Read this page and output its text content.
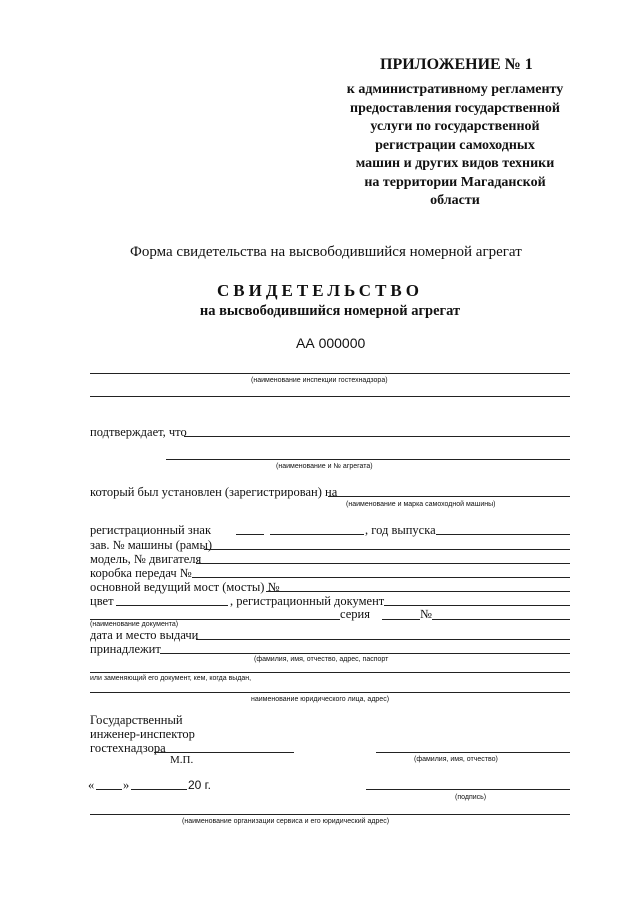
ПРИЛОЖЕНИЕ № 1
к административному регламенту
предоставления государственной
услуги по государственной
регистрации самоходных
машин и других видов техники
на территории Магаданской
области
Форма свидетельства на высвободившийся номерной агрегат
СВИДЕТЕЛЬСТВО
на высвободившийся номерной агрегат
АА 000000
(наименование инспекции гостехнадзора)
подтверждает, что
(наименование и № агрегата)
который был установлен (зарегистрирован) на
(наименование и марка самоходной машины)
регистрационный знак	, год выпуска
зав. № машины (рамы)
модель, № двигателя
коробка передач №
основной ведущий мост (мосты) №
цвет	, регистрационный документ
серия	№
(наименование документа)
дата и место выдачи
принадлежит
(фамилия, имя, отчество, адрес, паспорт
или заменяющий его документ, кем, когда выдан,
наименование юридического лица, адрес)
Государственный
инженер-инспектор
гостехнадзора
М.П.	(фамилия, имя, отчество)
« »	20 г.
(подпись)
(наименование организации сервиса и его юридический адрес)
